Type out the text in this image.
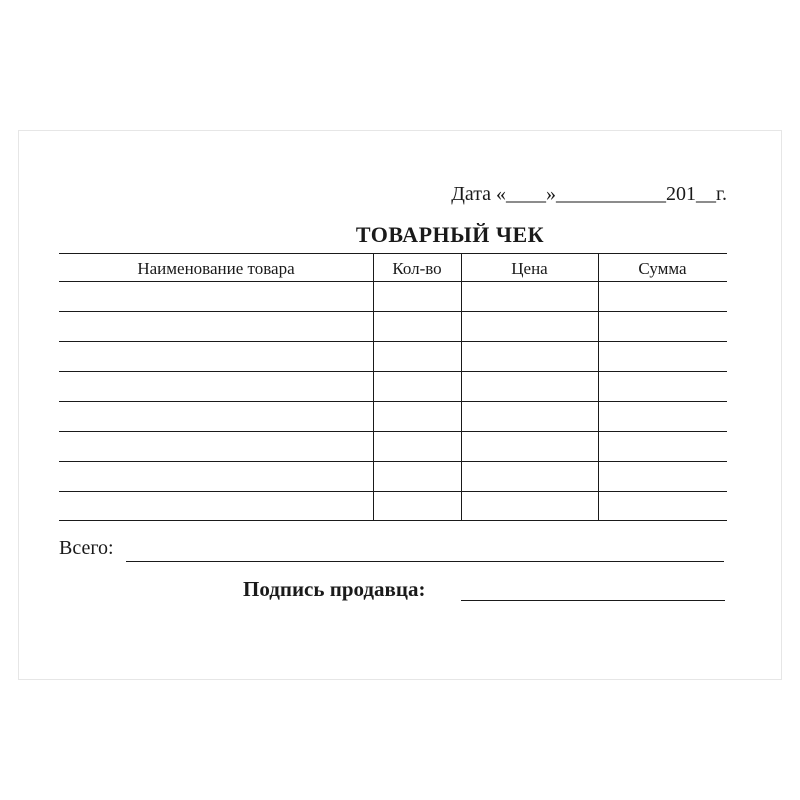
Дата «____»___________201__г.
ТОВАРНЫЙ ЧЕК
Наименование товара	Кол-во	Цена	Сумма
Всего:
Подпись продавца:
